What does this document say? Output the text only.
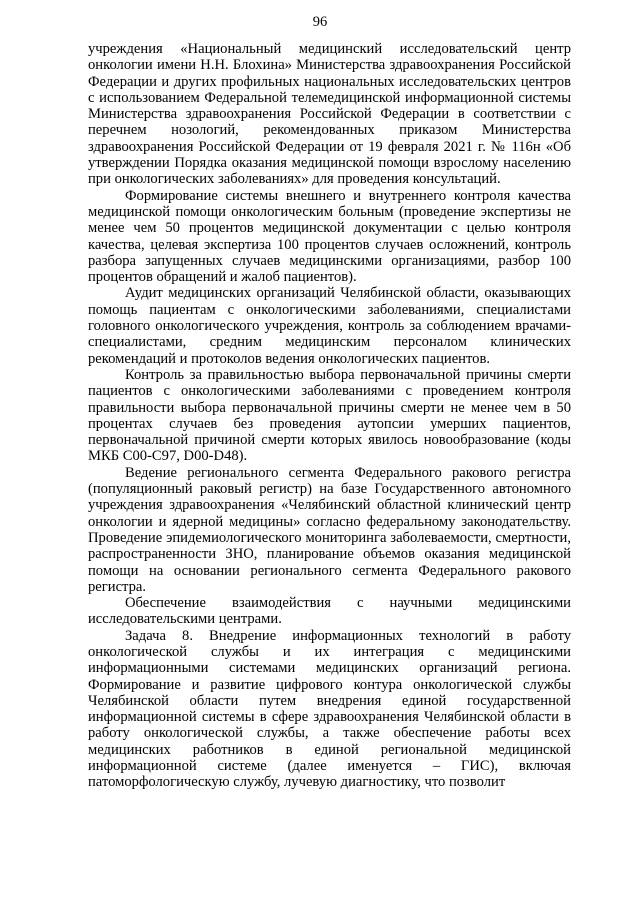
96

учреждения «Национальный медицинский исследовательский центр онкологии имени Н.Н. Блохина» Министерства здравоохранения Российской Федерации и других профильных национальных исследовательских центров с использованием Федеральной телемедицинской информационной системы Министерства здравоохранения Российской Федерации в соответствии с перечнем нозологий, рекомендованных приказом Министерства здравоохранения Российской Федерации от 19 февраля 2021 г. № 116н «Об утверждении Порядка оказания медицинской помощи взрослому населению при онкологических заболеваниях» для проведения консультаций.

Формирование системы внешнего и внутреннего контроля качества медицинской помощи онкологическим больным (проведение экспертизы не менее чем 50 процентов медицинской документации с целью контроля качества, целевая экспертиза 100 процентов случаев осложнений, контроль разбора запущенных случаев медицинскими организациями, разбор 100 процентов обращений и жалоб пациентов).

Аудит медицинских организаций Челябинской области, оказывающих помощь пациентам с онкологическими заболеваниями, специалистами головного онкологического учреждения, контроль за соблюдением врачами-специалистами, средним медицинским персоналом клинических рекомендаций и протоколов ведения онкологических пациентов.

Контроль за правильностью выбора первоначальной причины смерти пациентов с онкологическими заболеваниями с проведением контроля правильности выбора первоначальной причины смерти не менее чем в 50 процентах случаев без проведения аутопсии умерших пациентов, первоначальной причиной смерти которых явилось новообразование (коды МКБ С00-С97, D00-D48).

Ведение регионального сегмента Федерального ракового регистра (популяционный раковый регистр) на базе Государственного автономного учреждения здравоохранения «Челябинский областной клинический центр онкологии и ядерной медицины» согласно федеральному законодательству. Проведение эпидемиологического мониторинга заболеваемости, смертности, распространенности ЗНО, планирование объемов оказания медицинской помощи на основании регионального сегмента Федерального ракового регистра.

Обеспечение взаимодействия с научными медицинскими исследовательскими центрами.

Задача 8. Внедрение информационных технологий в работу онкологической службы и их интеграция с медицинскими информационными системами медицинских организаций региона. Формирование и развитие цифрового контура онкологической службы Челябинской области путем внедрения единой государственной информационной системы в сфере здравоохранения Челябинской области в работу онкологической службы, а также обеспечение работы всех медицинских работников в единой региональной медицинской информационной системе (далее именуется – ГИС), включая патоморфологическую службу, лучевую диагностику, что позволит
